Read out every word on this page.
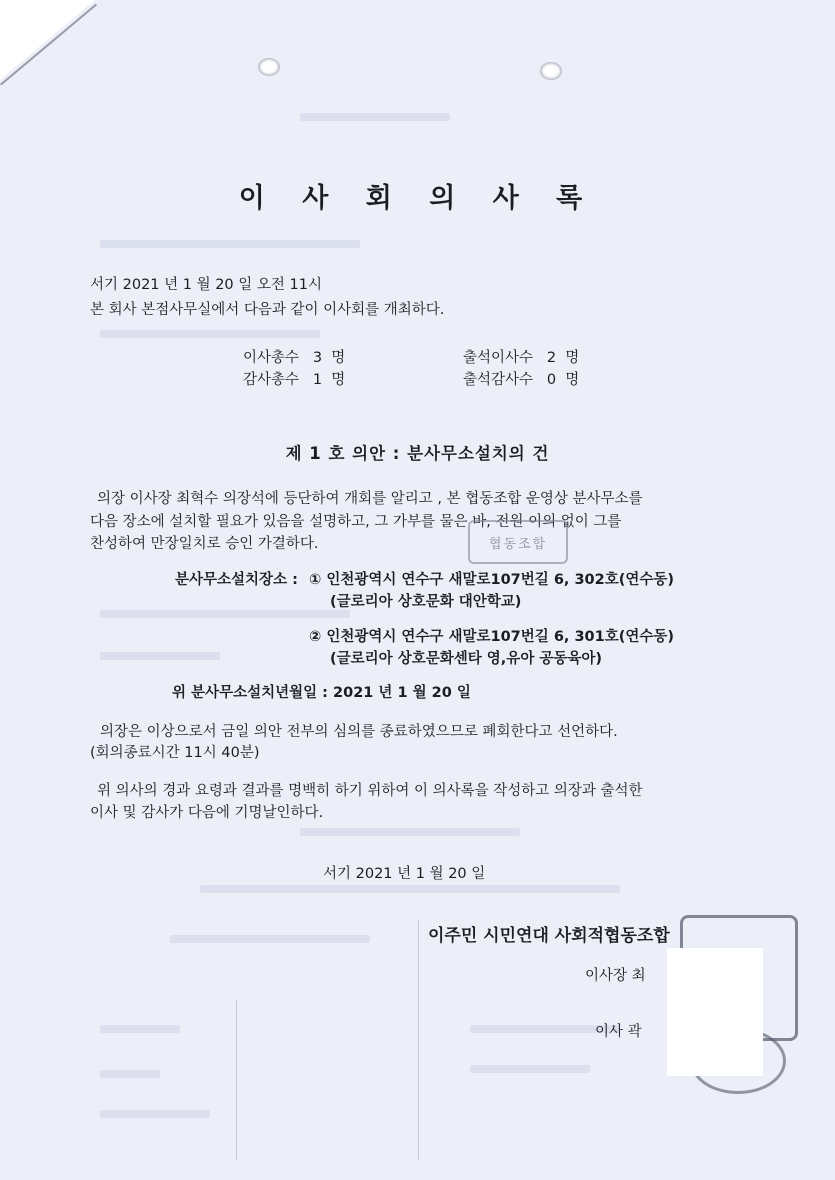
이 사 회 의 사 록
서기 2021 년 1 월 20 일 오전 11시
본 회사 본점사무실에서 다음과 같이 이사회를 개최하다.
이사총수   3  명
감사총수   1  명
출석이사수   2  명
출석감사수   0  명
제 1 호 의안 : 분사무소설치의 건
의장 이사장 최혁수 의장석에 등단하여 개회를 알리고 , 본 협동조합 운영상 분사무소를
다음 장소에 설치할 필요가 있음을 설명하고, 그 가부를 물은 바, 전원 이의 없이 그를
찬성하여 만장일치로 승인 가결하다.	협동조합
분사무소설치장소 : ① 인천광역시 연수구 새말로107번길 6, 302호(연수동)
(글로리아 상호문화 대안학교)
② 인천광역시 연수구 새말로107번길 6, 301호(연수동)
(글로리아 상호문화센타 영,유아 공동육아)
위 분사무소설치년월일 : 2021 년 1 월 20 일
의장은 이상으로서 금일 의안 전부의 심의를 종료하였으므로 폐회한다고 선언하다.
(회의종료시간 11시 40분)
위 의사의 경과 요령과 결과를 명백히 하기 위하여 이 의사록을 작성하고 의장과 출석한
이사 및 감사가 다음에 기명날인하다.
서기 2021 년 1 월 20 일
이주민 시민연대 사회적협동조합
이사장 최
이사 곽
